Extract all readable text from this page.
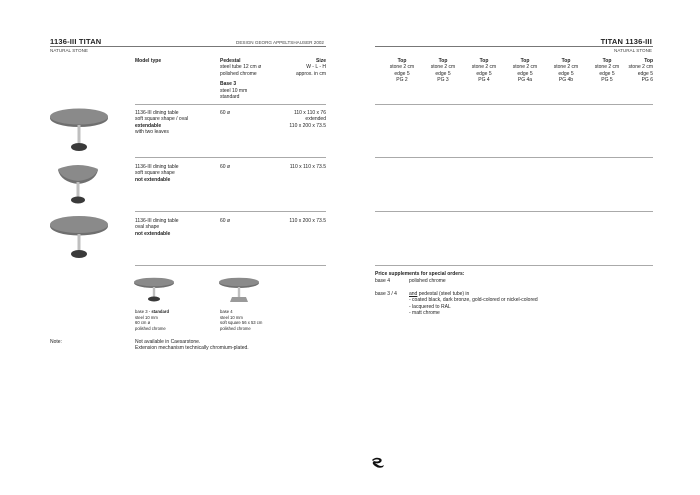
1136-III TITAN	DESIGN GEORG APPELTSHAUSER 2002
NATURAL STONE
TITAN 1136-III
NATURAL STONE
Model type	Pedestal
steel tube 12 cm ø
polished chrome
Base 3
steel 10 mm
standard
Size
W - L - H
approx. in cm
Top
stone 2 cm
edge 5
PG 2
Top
stone 2 cm
edge 5
PG 3
Top
stone 2 cm
edge 5
PG 4
Top
stone 2 cm
edge 5
PG 4a
Top
stone 2 cm
edge 5
PG 4b
Top
stone 2 cm
edge 5
PG 5
Top
stone 2 cm
edge 5
PG 6
1136-III dining table
soft square shape / oval
extendable
with two leaves
60 ø	110 x 110 x 76
extended
110 x 200 x 73.5
1136-III dining table
soft square shape
not extendable
60 ø	110 x 110 x 73.5
1136-III dining table
oval shape
not extendable
60 ø	110 x 200 x 73.5
base 3 - standard
steel 10 mm
60 cm ø
polished chrome
base 4
steel 10 mm
soft square 56 x 53 cm
polished chrome
Price supplements for special orders:
base 4	polished chrome
base 3 / 4 and pedestal (steel tube) in
- coated black, dark bronze, gold-colored or nickel-colored
- lacquered to RAL
- matt chrome
Note:	Not available in Caesarstone.
Extension mechanism technically chromium-plated.
